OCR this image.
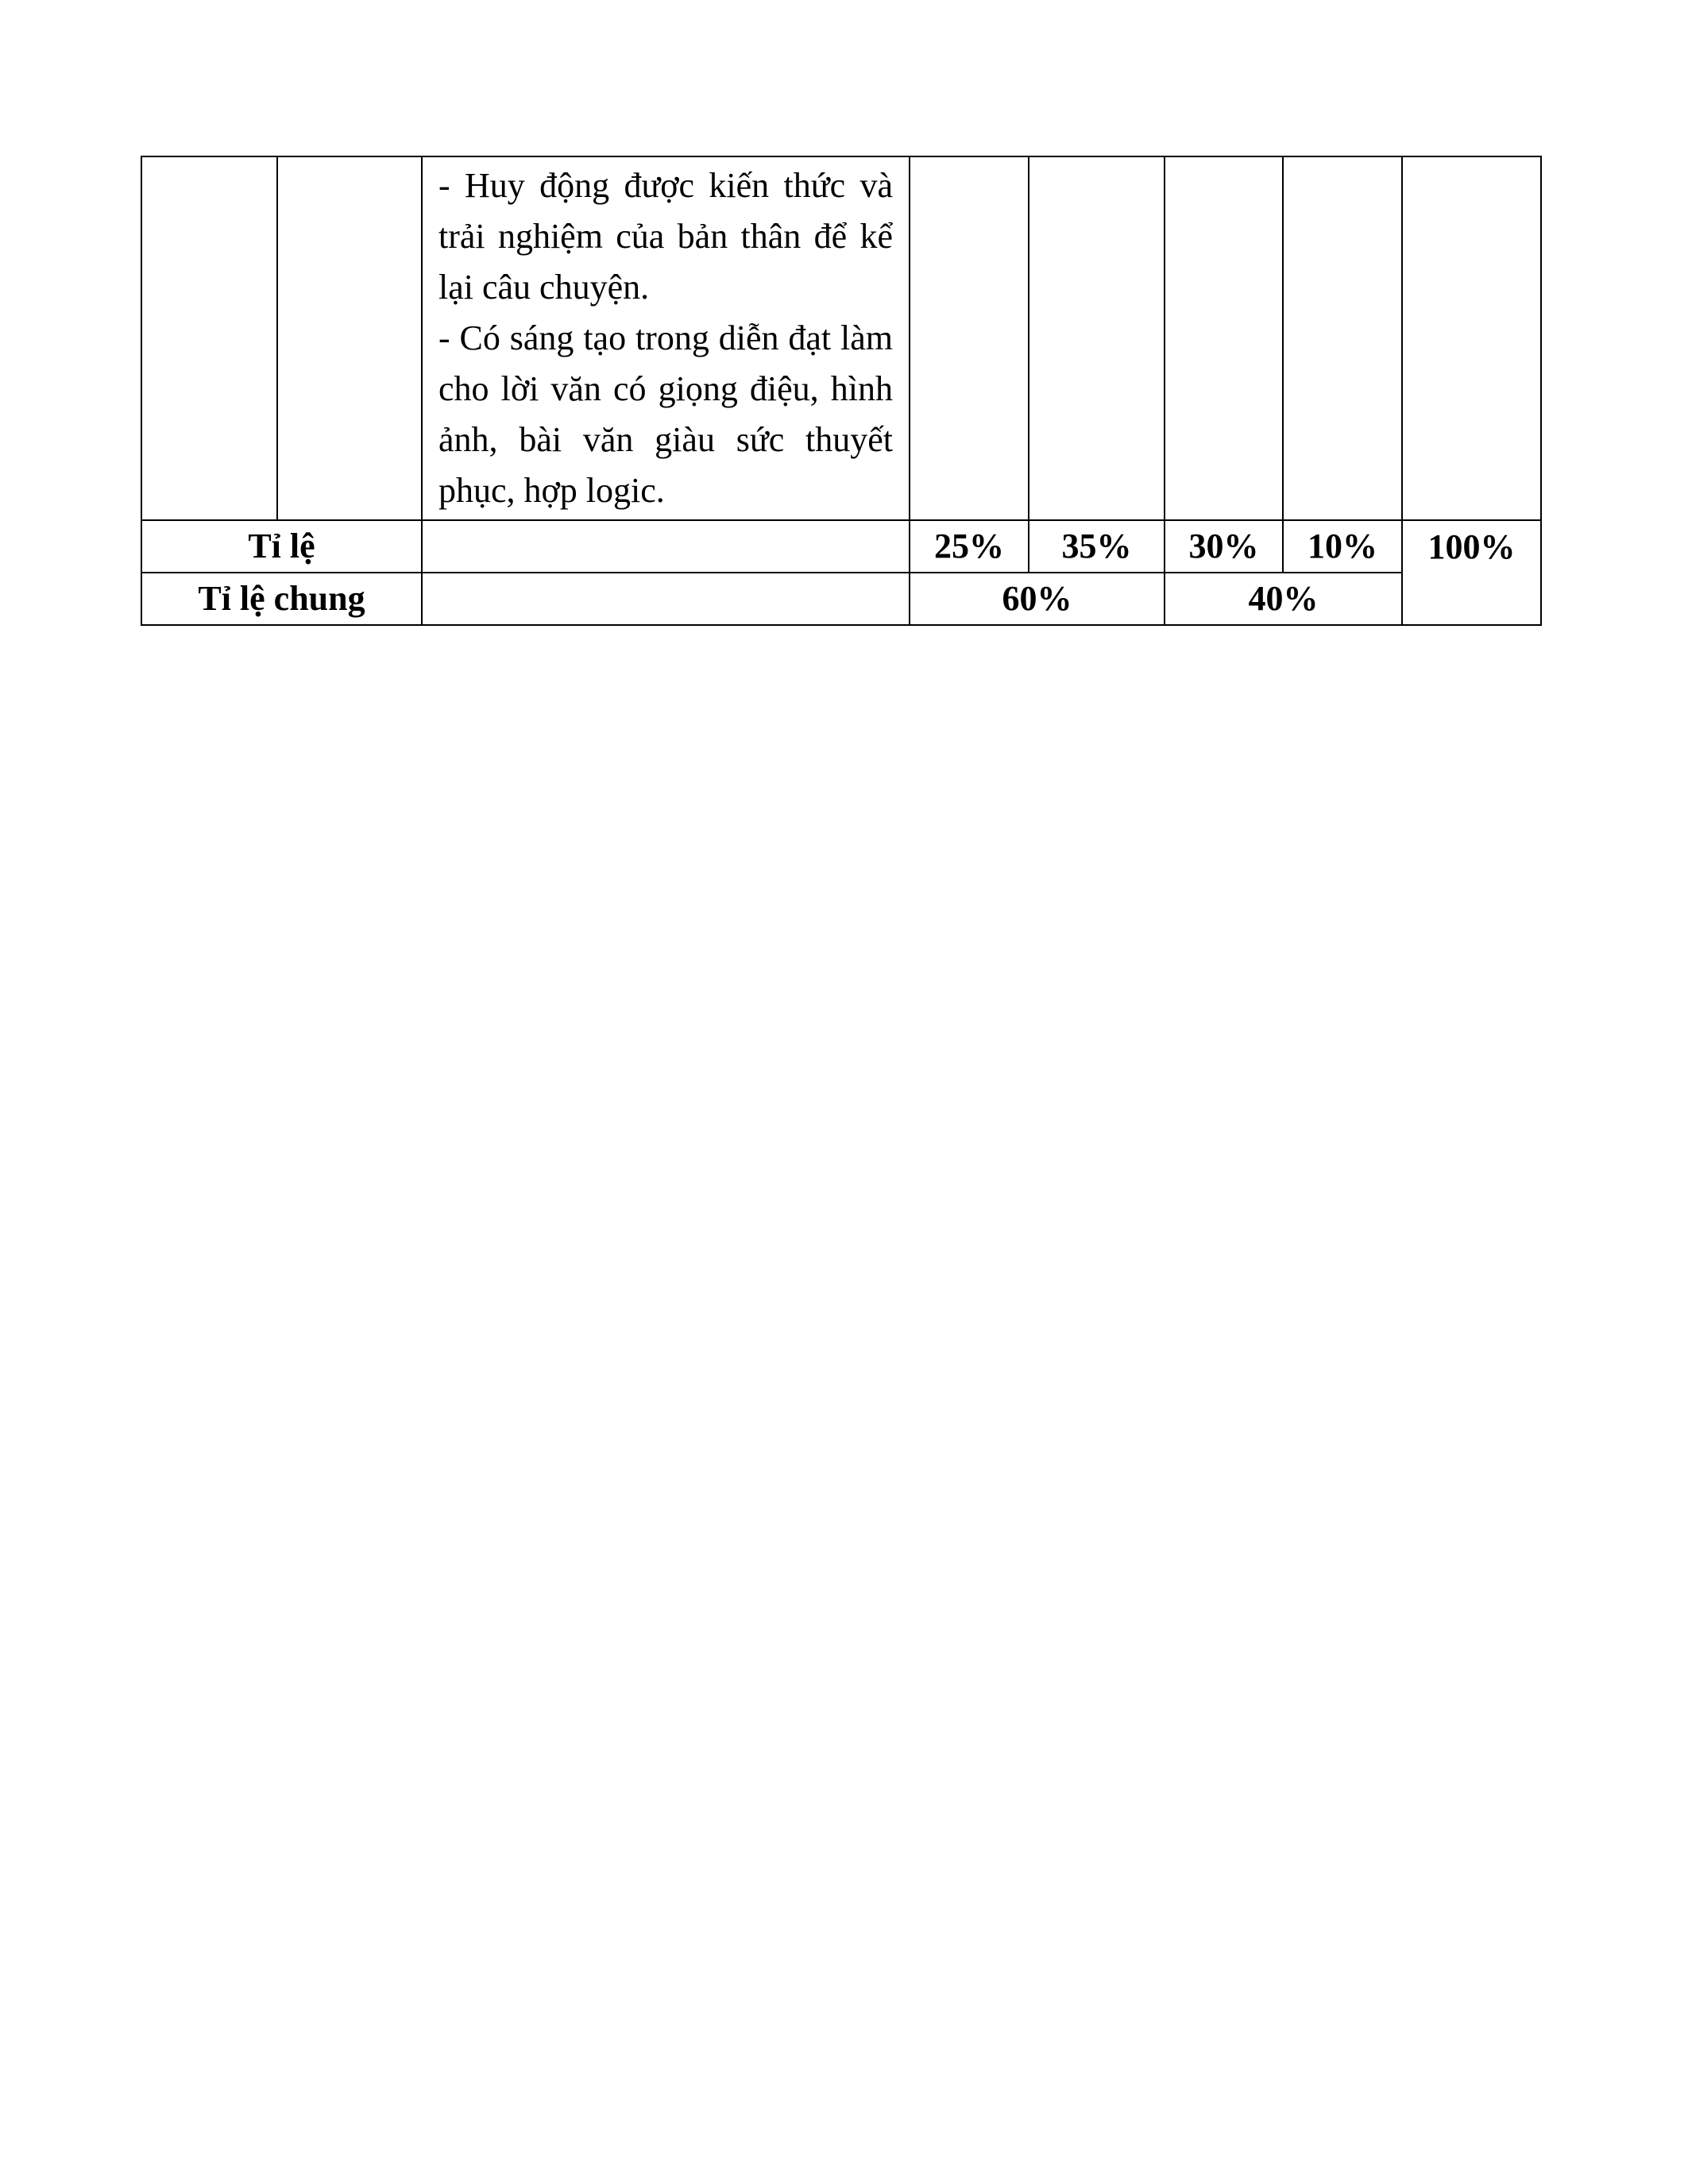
		- Huy động được kiến thức và trải nghiệm của bản thân để kể lại câu chuyện.
- Có sáng tạo trong diễn đạt làm cho lời văn có giọng điệu, hình ảnh, bài văn giàu sức thuyết phục, hợp logic.					

Tỉ lệ			25%	35%	30%	10%	100%

Tỉ lệ chung			60%		40%		
